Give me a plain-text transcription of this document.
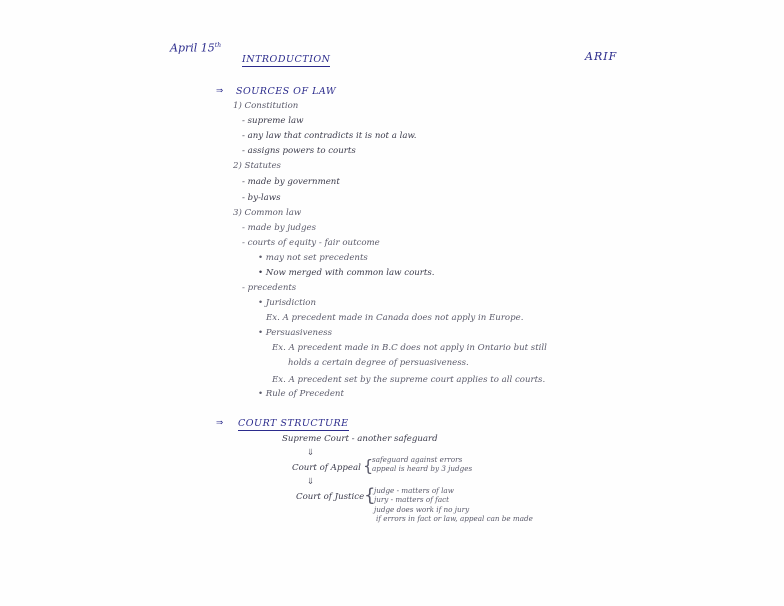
April 15th
INTRODUCTION	ARIF
⇒ SOURCES OF LAW
1) Constitution
- supreme law
- any law that contradicts it is not a law.
- assigns powers to courts
2) Statutes
- made by government
- by-laws
3) Common law
- made by judges
- courts of equity - fair outcome
• may not set precedents
• Now merged with common law courts.
- precedents
• Jurisdiction
Ex. A precedent made in Canada does not apply in Europe.
• Persuasiveness
Ex. A precedent made in B.C does not apply in Ontario but still
holds a certain degree of persuasiveness.
Ex. A precedent set by the supreme court applies to all courts.
• Rule of Precedent
⇒ COURT STRUCTURE
Supreme Court - another safeguard
⇓
Court of Appeal {
safeguard against errors
appeal is heard by 3 judges
⇓
Court of Justice {
judge - matters of law
jury - matters of fact
judge does work if no jury
if errors in fact or law, appeal can be made
